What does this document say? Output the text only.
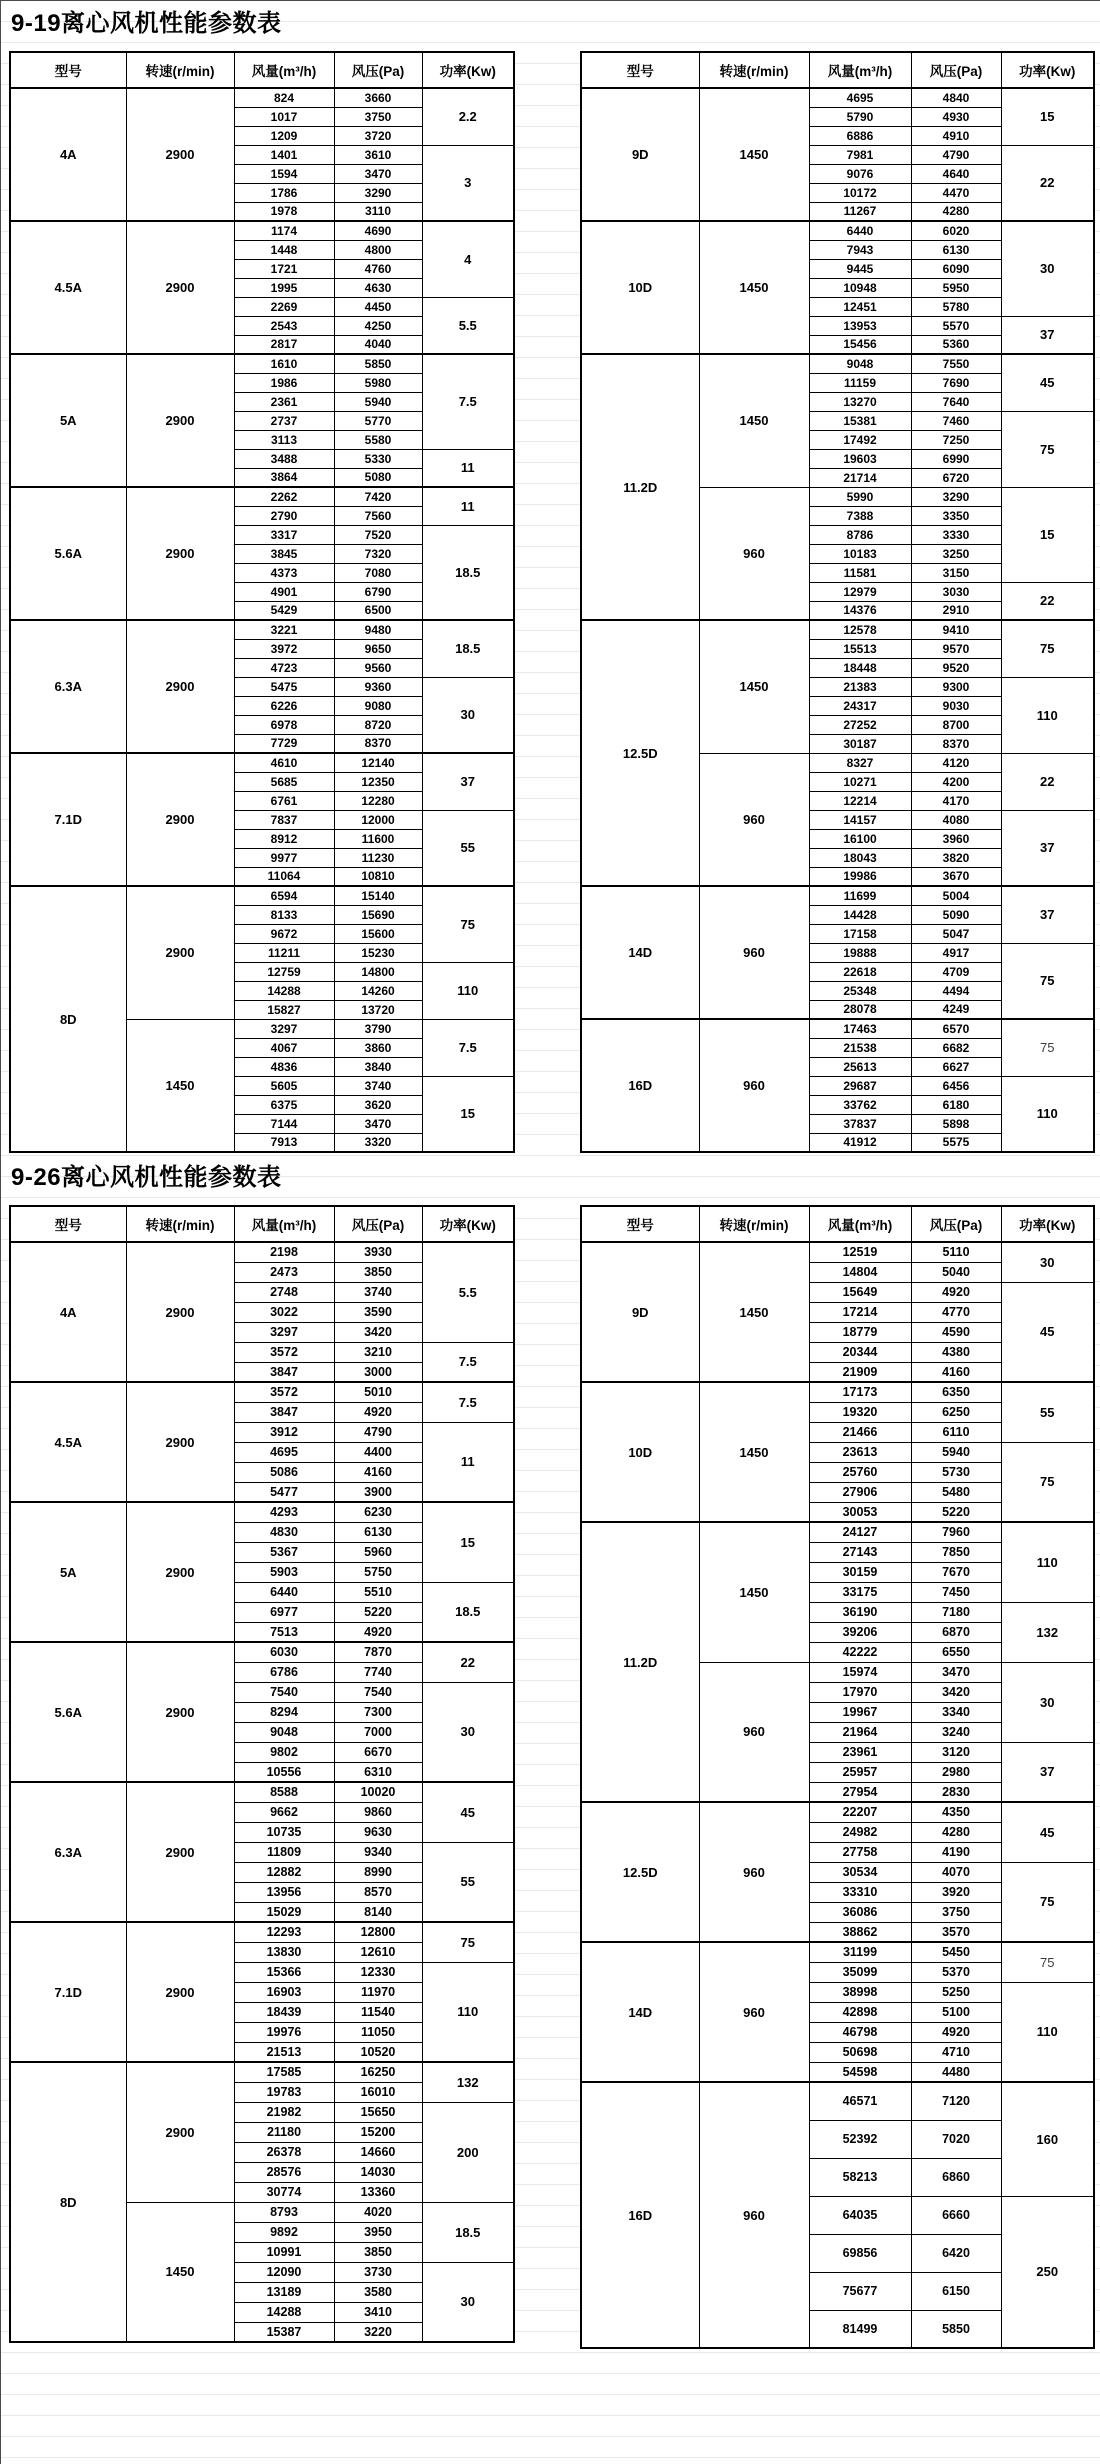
9-19离心风机性能参数表
型号	转速(r/min)	风量(m³/h)	风压(Pa)	功率(Kw)
4A	2900	824	3660	2.2
		1017	3750	
		1209	3720	
		1401	3610	3
		1594	3470	
		1786	3290	
		1978	3110	
4.5A	2900	1174	4690	4
		1448	4800	
		1721	4760	
		1995	4630	
		2269	4450	5.5
		2543	4250	
		2817	4040	
5A	2900	1610	5850	7.5
		1986	5980	
		2361	5940	
		2737	5770	
		3113	5580	
		3488	5330	11
		3864	5080	
5.6A	2900	2262	7420	11
		2790	7560	
		3317	7520	18.5
		3845	7320	
		4373	7080	
		4901	6790	
		5429	6500	
6.3A	2900	3221	9480	18.5
		3972	9650	
		4723	9560	
		5475	9360	30
		6226	9080	
		6978	8720	
		7729	8370	
7.1D	2900	4610	12140	37
		5685	12350	
		6761	12280	
		7837	12000	55
		8912	11600	
		9977	11230	
		11064	10810	
8D	2900	6594	15140	75
		8133	15690	
		9672	15600	
		11211	15230	
		12759	14800	110
		14288	14260	
		15827	13720	
	1450	3297	3790	7.5
		4067	3860	
		4836	3840	
		5605	3740	15
		6375	3620	
		7144	3470	
		7913	3320	
型号	转速(r/min)	风量(m³/h)	风压(Pa)	功率(Kw)
9D	1450	4695	4840	15
		5790	4930	
		6886	4910	
		7981	4790	22
		9076	4640	
		10172	4470	
		11267	4280	
10D	1450	6440	6020	30
		7943	6130	
		9445	6090	
		10948	5950	
		12451	5780	
		13953	5570	37
		15456	5360	
11.2D	1450	9048	7550	45
		11159	7690	
		13270	7640	
		15381	7460	75
		17492	7250	
		19603	6990	
		21714	6720	
	960	5990	3290	15
		7388	3350	
		8786	3330	
		10183	3250	
		11581	3150	
		12979	3030	22
		14376	2910	
12.5D	1450	12578	9410	75
		15513	9570	
		18448	9520	
		21383	9300	110
		24317	9030	
		27252	8700	
		30187	8370	
	960	8327	4120	22
		10271	4200	
		12214	4170	
		14157	4080	37
		16100	3960	
		18043	3820	
		19986	3670	
14D	960	11699	5004	37
		14428	5090	
		17158	5047	
		19888	4917	75
		22618	4709	
		25348	4494	
		28078	4249	
16D	960	17463	6570	75
		21538	6682	
		25613	6627	
		29687	6456	110
		33762	6180	
		37837	5898	
		41912	5575	
9-26离心风机性能参数表
型号	转速(r/min)	风量(m³/h)	风压(Pa)	功率(Kw)
4A	2900	2198	3930	5.5
		2473	3850	
		2748	3740	
		3022	3590	
		3297	3420	
		3572	3210	7.5
		3847	3000	
4.5A	2900	3572	5010	7.5
		3847	4920	
		3912	4790	11
		4695	4400	
		5086	4160	
		5477	3900	
5A	2900	4293	6230	15
		4830	6130	
		5367	5960	
		5903	5750	
		6440	5510	18.5
		6977	5220	
		7513	4920	
5.6A	2900	6030	7870	22
		6786	7740	
		7540	7540	30
		8294	7300	
		9048	7000	
		9802	6670	
		10556	6310	
6.3A	2900	8588	10020	45
		9662	9860	
		10735	9630	
		11809	9340	55
		12882	8990	
		13956	8570	
		15029	8140	
7.1D	2900	12293	12800	75
		13830	12610	
		15366	12330	110
		16903	11970	
		18439	11540	
		19976	11050	
		21513	10520	
8D	2900	17585	16250	132
		19783	16010	
		21982	15650	200
		21180	15200	
		26378	14660	
		28576	14030	
		30774	13360	
	1450	8793	4020	18.5
		9892	3950	
		10991	3850	
		12090	3730	30
		13189	3580	
		14288	3410	
		15387	3220	
型号	转速(r/min)	风量(m³/h)	风压(Pa)	功率(Kw)
9D	1450	12519	5110	30
		14804	5040	
		15649	4920	45
		17214	4770	
		18779	4590	
		20344	4380	
		21909	4160	
10D	1450	17173	6350	55
		19320	6250	
		21466	6110	
		23613	5940	75
		25760	5730	
		27906	5480	
		30053	5220	
11.2D	1450	24127	7960	110
		27143	7850	
		30159	7670	
		33175	7450	
		36190	7180	132
		39206	6870	
		42222	6550	
	960	15974	3470	30
		17970	3420	
		19967	3340	
		21964	3240	
		23961	3120	37
		25957	2980	
		27954	2830	
12.5D	960	22207	4350	45
		24982	4280	
		27758	4190	
		30534	4070	75
		33310	3920	
		36086	3750	
		38862	3570	
14D	960	31199	5450	75
		35099	5370	
		38998	5250	110
		42898	5100	
		46798	4920	
		50698	4710	
		54598	4480	
16D	960	46571	7120	160
		52392	7020	
		58213	6860	
		64035	6660	250
		69856	6420	
		75677	6150	
		81499	5850	
